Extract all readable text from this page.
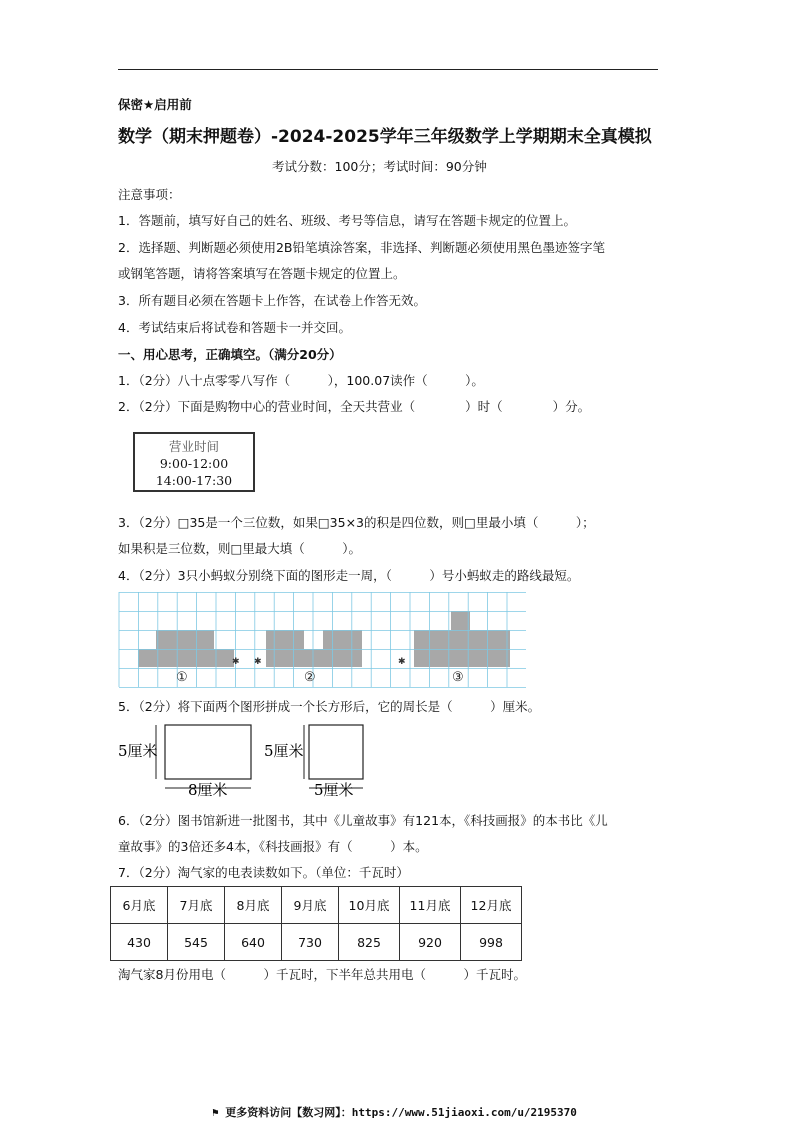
保密★启用前
数学（期末押题卷）-2024-2025学年三年级数学上学期期末全真模拟
考试分数：100分；考试时间：90分钟
注意事项：
1．答题前，填写好自己的姓名、班级、考号等信息，请写在答题卡规定的位置上。
2．选择题、判断题必须使用2B铅笔填涂答案，非选择、判断题必须使用黑色墨迹签字笔
或钢笔答题，请将答案填写在答题卡规定的位置上。
3．所有题目必须在答题卡上作答，在试卷上作答无效。
4．考试结束后将试卷和答题卡一并交回。
一、用心思考，正确填空。（满分20分）
1．（2分）八十点零零八写作（　　　），100.07读作（　　　）。
2．（2分）下面是购物中心的营业时间，全天共营业（　　　　）时（　　　　）分。
营业时间
9:00-12:00
14:00-17:30
3．（2分）□35是一个三位数，如果□35×3的积是四位数，则□里最小填（　　　）；
如果积是三位数，则□里最大填（　　　）。
4．（2分）3只小蚂蚁分别绕下面的图形走一周，（　　　）号小蚂蚁走的路线最短。
✱ ✱	✱
①	②	③
5．（2分）将下面两个图形拼成一个长方形后，它的周长是（　　　）厘米。
5厘米
8厘米
5厘米
5厘米
6．（2分）图书馆新进一批图书，其中《儿童故事》有121本，《科技画报》的本书比《儿
童故事》的3倍还多4本，《科技画报》有（　　　）本。
7．（2分）淘气家的电表读数如下。（单位：千瓦时）
6月底	7月底	8月底	9月底	10月底	11月底	12月底
430	545	640	730	825	920	998
淘气家8月份用电（　　　）千瓦时，下半年总共用电（　　　）千瓦时。
⚑ 更多资料访问【数习网】：https://www.51jiaoxi.com/u/2195370
